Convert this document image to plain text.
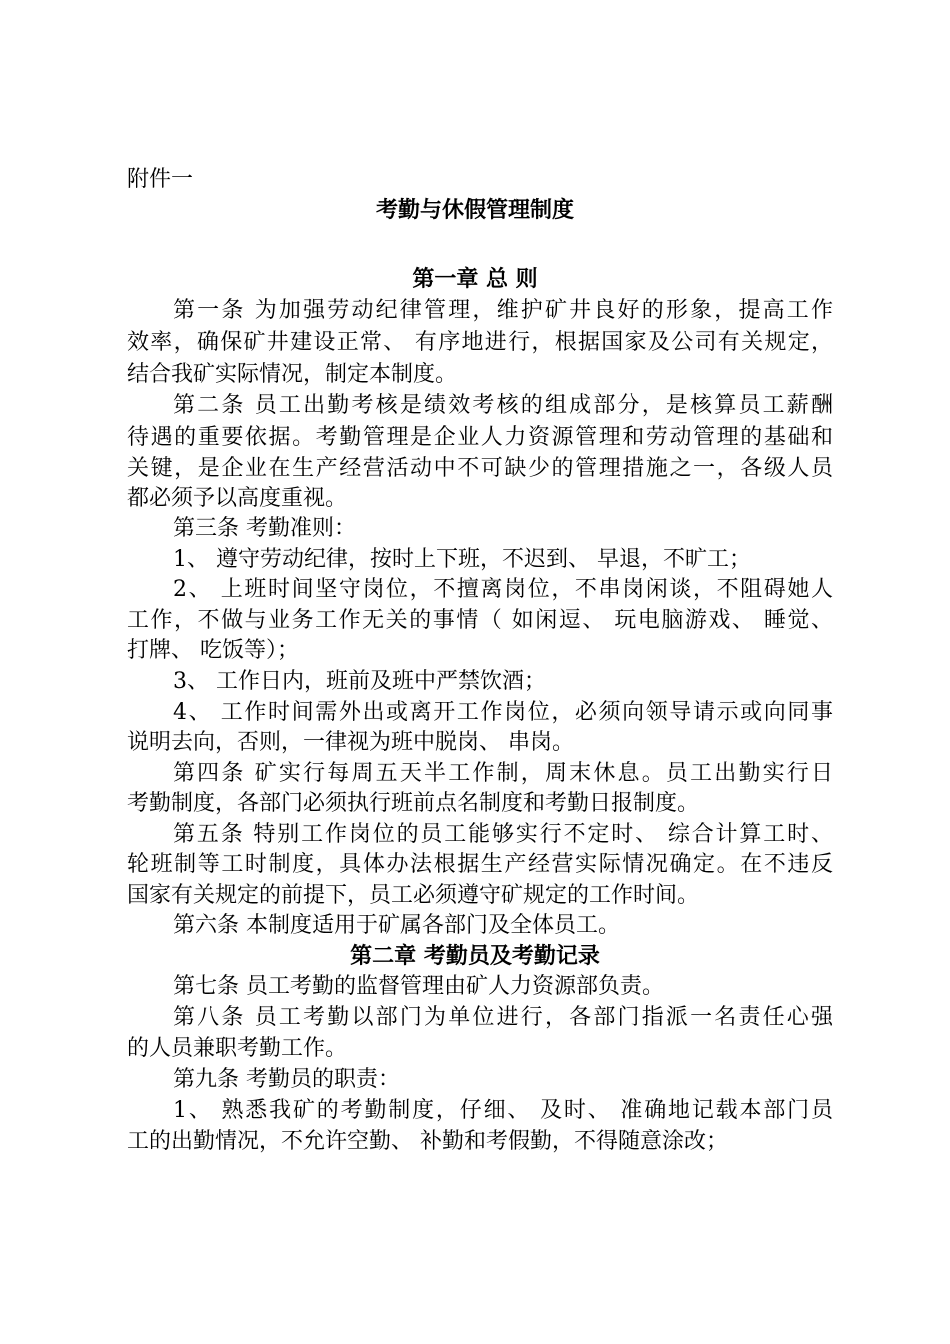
附件一
考勤与休假管理制度
第一章 总 则
第一条 为加强劳动纪律管理，维护矿井良好的形象，提高工作
效率，确保矿井建设正常、 有序地进行，根据国家及公司有关规定，
结合我矿实际情况，制定本制度。
第二条 员工出勤考核是绩效考核的组成部分，是核算员工薪酬
待遇的重要依据。考勤管理是企业人力资源管理和劳动管理的基础和
关键，是企业在生产经营活动中不可缺少的管理措施之一，各级人员
都必须予以高度重视。
第三条 考勤准则：
1、 遵守劳动纪律，按时上下班，不迟到、 早退，不旷工；
2、 上班时间坚守岗位，不擅离岗位，不串岗闲谈，不阻碍她人
工作，不做与业务工作无关的事情（ 如闲逗、 玩电脑游戏、 睡觉、
打牌、 吃饭等）；
3、 工作日内，班前及班中严禁饮酒；
4、 工作时间需外出或离开工作岗位，必须向领导请示或向同事
说明去向，否则，一律视为班中脱岗、 串岗。
第四条 矿实行每周五天半工作制，周末休息。员工出勤实行日
考勤制度，各部门必须执行班前点名制度和考勤日报制度。
第五条 特别工作岗位的员工能够实行不定时、 综合计算工时、
轮班制等工时制度，具体办法根据生产经营实际情况确定。在不违反
国家有关规定的前提下，员工必须遵守矿规定的工作时间。
第六条 本制度适用于矿属各部门及全体员工。
第二章 考勤员及考勤记录
第七条 员工考勤的监督管理由矿人力资源部负责。
第八条 员工考勤以部门为单位进行，各部门指派一名责任心强
的人员兼职考勤工作。
第九条 考勤员的职责：
1、 熟悉我矿的考勤制度，仔细、 及时、 准确地记载本部门员
工的出勤情况，不允许空勤、 补勤和考假勤，不得随意涂改；
